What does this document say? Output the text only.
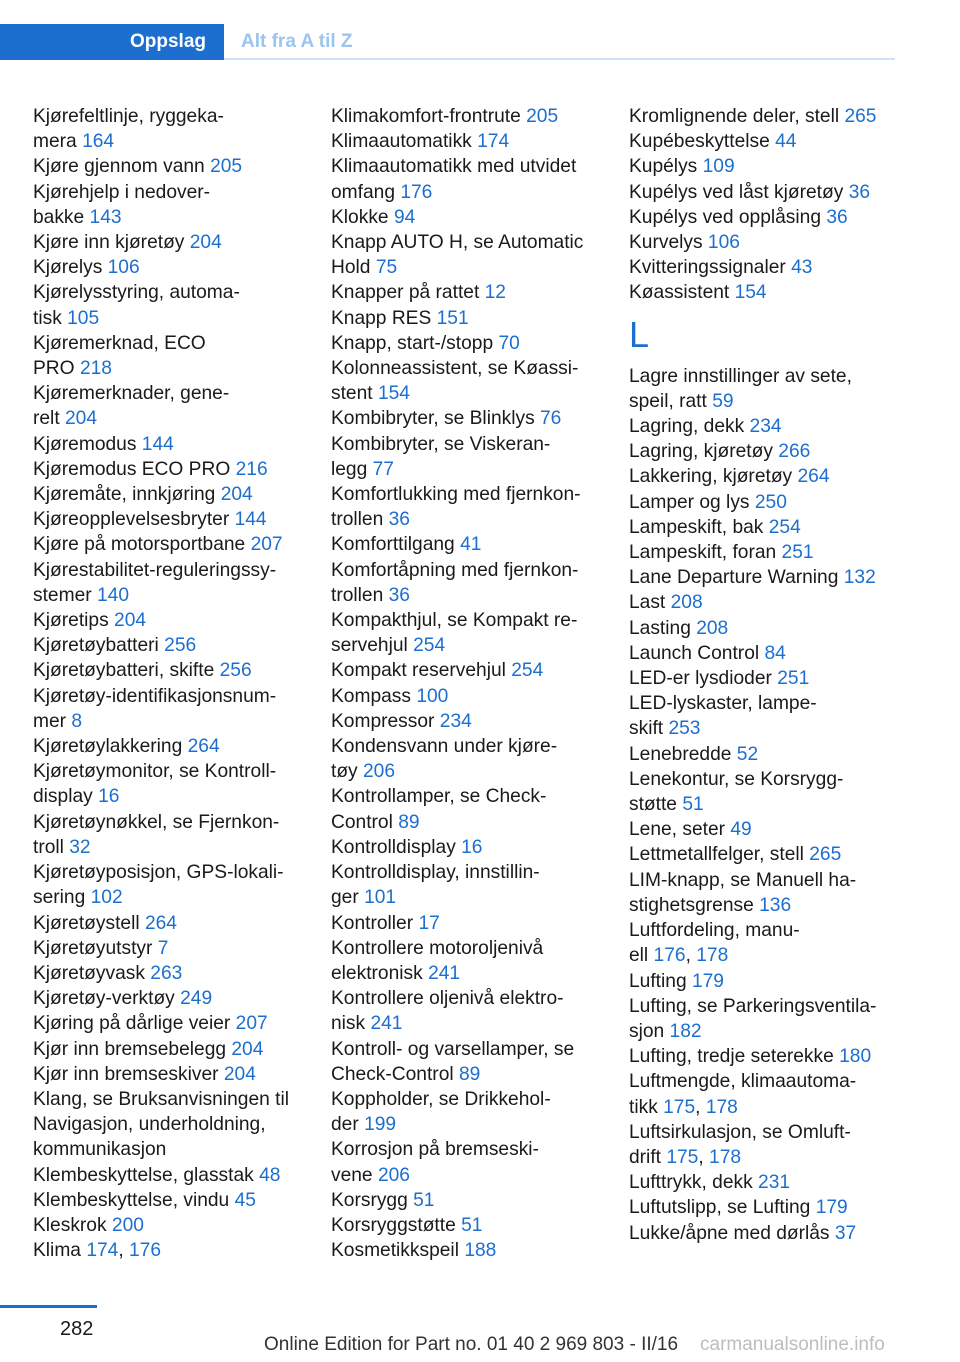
Oppslag	Alt fra A til Z
Kjørefeltlinje, ryggeka-
mera 164
Kjøre gjennom vann 205
Kjørehjelp i nedover-
bakke 143
Kjøre inn kjøretøy 204
Kjørelys 106
Kjørelysstyring, automa-
tisk 105
Kjøremerknad, ECO
PRO 218
Kjøremerknader, gene-
relt 204
Kjøremodus 144
Kjøremodus ECO PRO 216
Kjøremåte, innkjøring 204
Kjøreopplevelsesbryter 144
Kjøre på motorsportbane 207
Kjørestabilitet-reguleringssy-
stemer 140
Kjøretips 204
Kjøretøybatteri 256
Kjøretøybatteri, skifte 256
Kjøretøy-identifikasjonsnum-
mer 8
Kjøretøylakkering 264
Kjøretøymonitor, se Kontroll-
display 16
Kjøretøynøkkel, se Fjernkon-
troll 32
Kjøretøyposisjon, GPS-lokali-
sering 102
Kjøretøystell 264
Kjøretøyutstyr 7
Kjøretøyvask 263
Kjøretøy-verktøy 249
Kjøring på dårlige veier 207
Kjør inn bremsebelegg 204
Kjør inn bremseskiver 204
Klang, se Bruksanvisningen til
Navigasjon, underholdning,
kommunikasjon
Klembeskyttelse, glasstak 48
Klembeskyttelse, vindu 45
Kleskrok 200
Klima 174, 176
Klimakomfort-frontrute 205
Klimaautomatikk 174
Klimaautomatikk med utvidet
omfang 176
Klokke 94
Knapp AUTO H, se Automatic
Hold 75
Knapper på rattet 12
Knapp RES 151
Knapp, start-/stopp 70
Kolonneassistent, se Køassi-
stent 154
Kombibryter, se Blinklys 76
Kombibryter, se Viskeran-
legg 77
Komfortlukking med fjernkon-
trollen 36
Komforttilgang 41
Komfortåpning med fjernkon-
trollen 36
Kompakthjul, se Kompakt re-
servehjul 254
Kompakt reservehjul 254
Kompass 100
Kompressor 234
Kondensvann under kjøre-
tøy 206
Kontrollamper, se Check-
Control 89
Kontrolldisplay 16
Kontrolldisplay, innstillin-
ger 101
Kontroller 17
Kontrollere motoroljenivå
elektronisk 241
Kontrollere oljenivå elektro-
nisk 241
Kontroll- og varsellamper, se
Check-Control 89
Koppholder, se Drikkehol-
der 199
Korrosjon på bremseski-
vene 206
Korsrygg 51
Korsryggstøtte 51
Kosmetikkspeil 188
Kromlignende deler, stell 265
Kupébeskyttelse 44
Kupélys 109
Kupélys ved låst kjøretøy 36
Kupélys ved opplåsing 36
Kurvelys 106
Kvitteringssignaler 43
Køassistent 154
L
Lagre innstillinger av sete,
speil, ratt 59
Lagring, dekk 234
Lagring, kjøretøy 266
Lakkering, kjøretøy 264
Lamper og lys 250
Lampeskift, bak 254
Lampeskift, foran 251
Lane Departure Warning 132
Last 208
Lasting 208
Launch Control 84
LED-er lysdioder 251
LED-lyskaster, lampe-
skift 253
Lenebredde 52
Lenekontur, se Korsrygg-
støtte 51
Lene, seter 49
Lettmetallfelger, stell 265
LIM-knapp, se Manuell ha-
stighetsgrense 136
Luftfordeling, manu-
ell 176, 178
Lufting 179
Lufting, se Parkeringsventila-
sjon 182
Lufting, tredje seterekke 180
Luftmengde, klimaautoma-
tikk 175, 178
Luftsirkulasjon, se Omluft-
drift 175, 178
Lufttrykk, dekk 231
Luftutslipp, se Lufting 179
Lukke/åpne med dørlås 37
282
Online Edition for Part no. 01 40 2 969 803 - II/16 carmanualsonline.info
